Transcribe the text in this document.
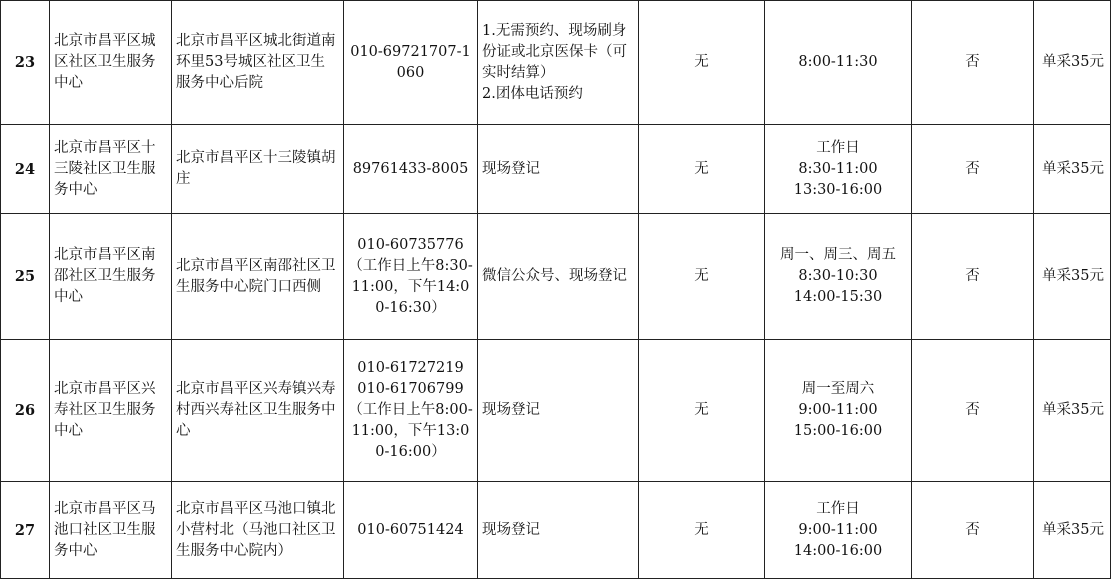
23	北京市昌平区城区社区卫生服务中心	北京市昌平区城北街道南环里53号城区社区卫生服务中心后院	010-69721707-1060	1.无需预约、现场刷身份证或北京医保卡（可实时结算）
2.团体电话预约	无	8:00-11:30	否	单采35元
24	北京市昌平区十三陵社区卫生服务中心	北京市昌平区十三陵镇胡庄	89761433-8005	现场登记	无	工作日
8:30-11:00
13:30-16:00	否	单采35元
25	北京市昌平区南邵社区卫生服务中心	北京市昌平区南邵社区卫生服务中心院门口西侧	010-60735776
（工作日上午8:30-11:00，下午14:00-16:30）	微信公众号、现场登记	无	周一、周三、周五
8:30-10:30
14:00-15:30	否	单采35元
26	北京市昌平区兴寿社区卫生服务中心	北京市昌平区兴寿镇兴寿村西兴寿社区卫生服务中心	010-61727219
010-61706799
（工作日上午8:00-11:00，下午13:00-16:00）	现场登记	无	周一至周六
9:00-11:00
15:00-16:00	否	单采35元
27	北京市昌平区马池口社区卫生服务中心	北京市昌平区马池口镇北小营村北（马池口社区卫生服务中心院内）	010-60751424	现场登记	无	工作日
9:00-11:00
14:00-16:00	否	单采35元
